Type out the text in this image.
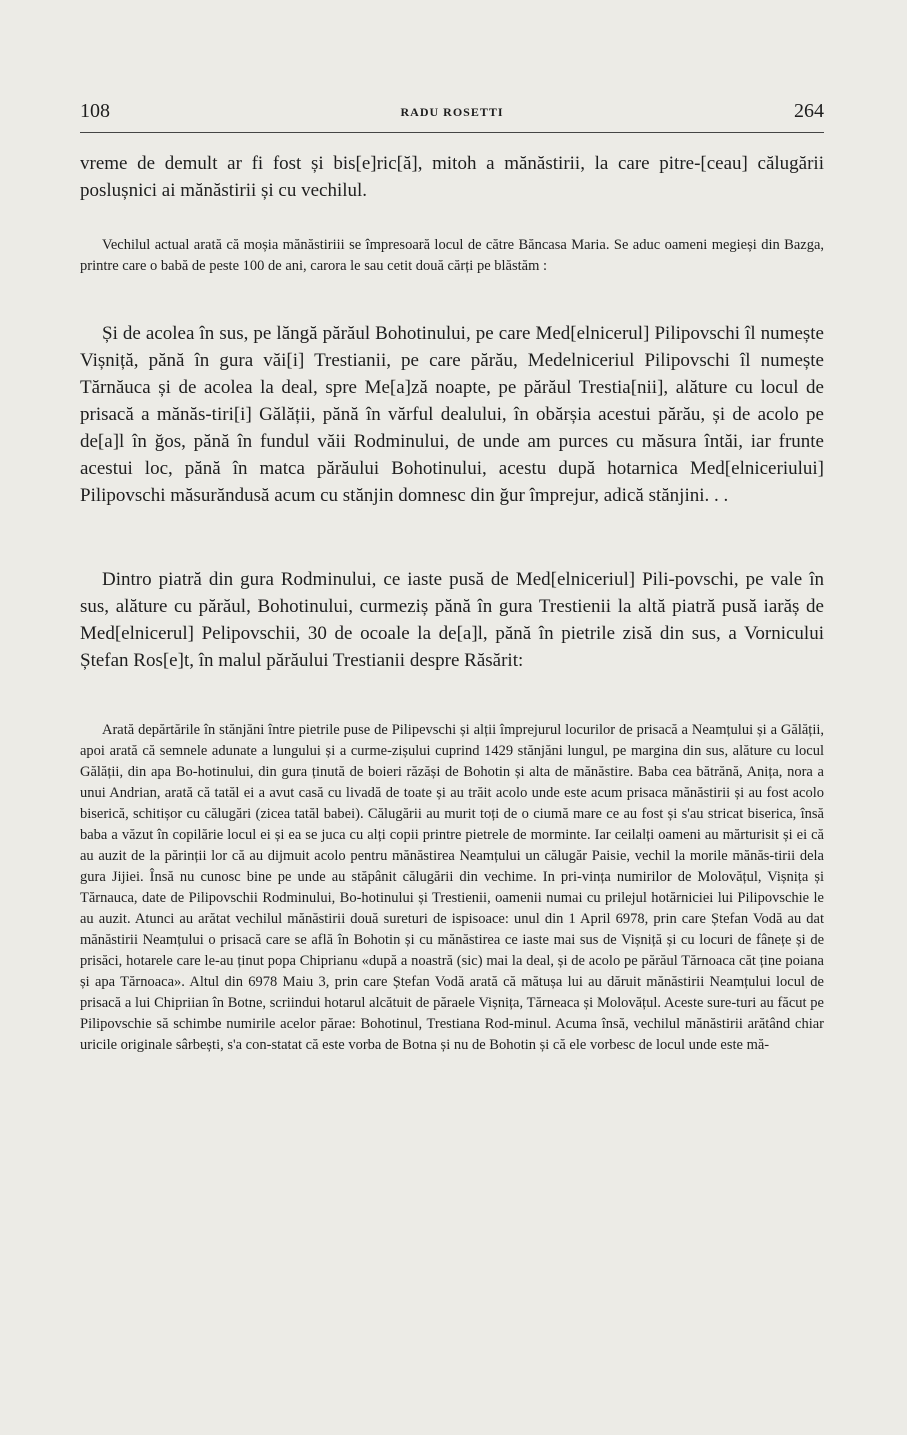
108	RADU ROSETTI	264

vreme de demult ar fi fost și bis[e]ric[ă], mitoh a mănăstirii, la care pitre-[ceau] călugării poslușnici ai mănăstirii și cu vechilul.

Vechilul actual arată că moșia mănăstiriii se împresoară locul de către Băncasa Maria. Se aduc oameni megieși din Bazga, printre care o babă de peste 100 de ani, carora le sau cetit două cărți pe blăstăm :

Și de acolea în sus, pe lăngă părăul Bohotinului, pe care Med[elnicerul] Pilipovschi îl numește Vișniță, pănă în gura văi[i] Trestianii, pe care părău, Medelniceriul Pilipovschi îl numește Tărnăuca și de acolea la deal, spre Me[a]ză noapte, pe părăul Trestia[nii], alăture cu locul de prisacă a mănăs-tiri[i] Gălății, pănă în vărful dealului, în obărșia acestui părău, și de acolo pe de[a]l în ğos, pănă în fundul văii Rodminului, de unde am purces cu măsura întăi, iar frunte acestui loc, pănă în matca părăului Bohotinului, acestu după hotarnica Med[elniceriului] Pilipovschi măsurăndusă acum cu stănjin domnesc din ğur împrejur, adică stănjini. . .

Dintro piatră din gura Rodminului, ce iaste pusă de Med[elniceriul] Pili-povschi, pe vale în sus, alăture cu părăul, Bohotinului, curmeziș pănă în gura Trestienii la altă piatră pusă iarăș de Med[elnicerul] Pelipovschii, 30 de ocoale la de[a]l, pănă în pietrile zisă din sus, a Vornicului Ștefan Ros[e]t, în malul părăului Trestianii despre Răsărit:

Arată depărtările în stănjăni între pietrile puse de Pilipevschi și alții împrejurul locurilor de prisacă a Neamțului și a Gălății, apoi arată că semnele adunate a lungului și a curme-zișului cuprind 1429 stănjăni lungul, pe margina din sus, alăture cu locul Gălății, din apa Bo-hotinului, din gura ținută de boieri răzăși de Bohotin și alta de mănăstire. Baba cea bătrănă, Anița, nora a unui Andrian, arată că tatăl ei a avut casă cu livadă de toate și au trăit acolo unde este acum prisaca mănăstirii și au fost acolo biserică, schitișor cu călugări (zicea tatăl babei). Călugării au murit toți de o ciumă mare ce au fost și s'au stricat biserica, însă baba a văzut în copilărie locul ei și ea se juca cu alți copii printre pietrele de morminte. Iar ceilalți oameni au mărturisit și ei că au auzit de la părinții lor că au dijmuit acolo pentru mănăstirea Neamțului un călugăr Paisie, vechil la morile mănăs-tirii dela gura Jijiei. Însă nu cunosc bine pe unde au stăpânit călugării din vechime. In pri-vința numirilor de Molovățul, Vișnița și Tărnauca, date de Pilipovschii Rodminului, Bo-hotinului și Trestienii, oamenii numai cu prilejul hotărniciei lui Pilipovschie le au auzit. Atunci au arătat vechilul mănăstirii două sureturi de ispisoace: unul din 1 April 6978, prin care Ștefan Vodă au dat mănăstirii Neamțului o prisacă care se află în Bohotin și cu mănăstirea ce iaste mai sus de Vișniță și cu locuri de fânețe și de prisăci, hotarele care le-au ținut popa Chiprianu «după a noastră (sic) mai la deal, și de acolo pe părăul Tărnoaca căt ține poiana și apa Tărnoaca». Altul din 6978 Maiu 3, prin care Ștefan Vodă arată că mătușa lui au dăruit mănăstirii Neamțului locul de prisacă a lui Chipriian în Botne, scriindui hotarul alcătuit de păraele Vișnița, Tărneaca și Molovățul. Aceste sure-turi au făcut pe Pilipovschie să schimbe numirile acelor părae: Bohotinul, Trestiana Rod-minul. Acuma însă, vechilul mănăstirii arătând chiar uricile originale sârbești, s'a con-statat că este vorba de Botna și nu de Bohotin și că ele vorbesc de locul unde este mă-
